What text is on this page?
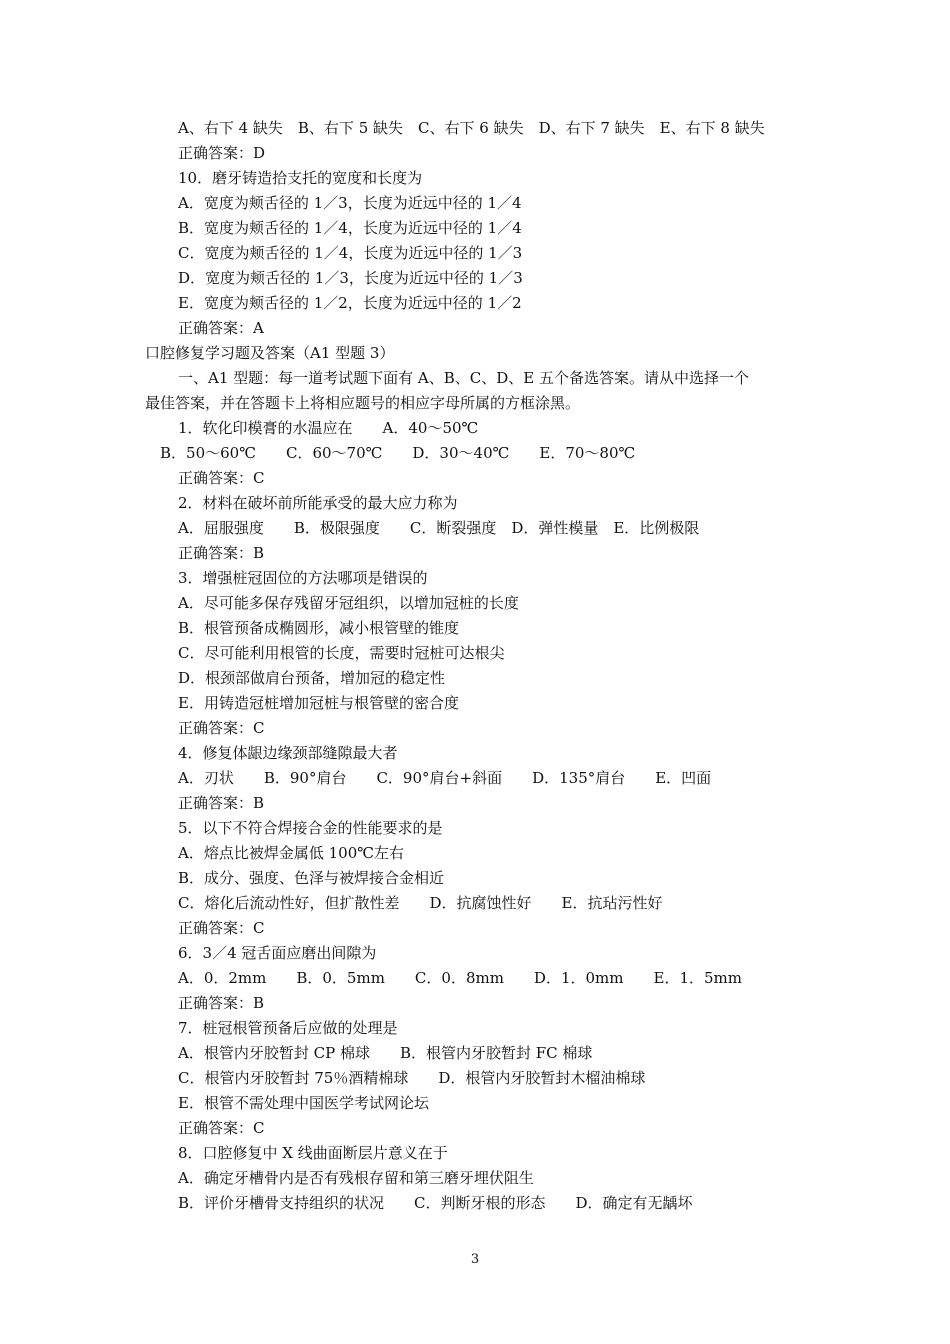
A、右下 4 缺失　B、右下 5 缺失　C、右下 6 缺失　D、右下 7 缺失　E、右下 8 缺失
正确答案：D
10．磨牙铸造拾支托的宽度和长度为
A．宽度为颊舌径的 1／3，长度为近远中径的 1／4
B．宽度为颊舌径的 1／4，长度为近远中径的 1／4
C．宽度为颊舌径的 1／4，长度为近远中径的 1／3
D．宽度为颊舌径的 1／3，长度为近远中径的 1／3
E．宽度为颊舌径的 1／2，长度为近远中径的 1／2
正确答案：A
口腔修复学习题及答案（A1 型题 3）
一、A1 型题：每一道考试题下面有 A、B、C、D、E 五个备选答案。请从中选择一个
最佳答案，并在答题卡上将相应题号的相应字母所属的方框涂黑。
1．软化印模膏的水温应在　　A．40～50℃
B．50～60℃　　C．60～70℃　　D．30～40℃　　E．70～80℃
正确答案：C
2．材料在破坏前所能承受的最大应力称为
A．屈服强度　　B．极限强度　　C．断裂强度　D．弹性模量　E．比例极限
正确答案：B
3．增强桩冠固位的方法哪项是错误的
A．尽可能多保存残留牙冠组织，以增加冠桩的长度
B．根管预备成椭圆形，减小根管壁的锥度
C．尽可能利用根管的长度，需要时冠桩可达根尖
D．根颈部做肩台预备，增加冠的稳定性
E．用铸造冠桩增加冠桩与根管壁的密合度
正确答案：C
4．修复体龈边缘颈部缝隙最大者
A．刃状　　B．90°肩台　　C．90°肩台+斜面　　D．135°肩台　　E．凹面
正确答案：B
5．以下不符合焊接合金的性能要求的是
A．熔点比被焊金属低 100℃左右
B．成分、强度、色泽与被焊接合金相近
C．熔化后流动性好，但扩散性差　　D．抗腐蚀性好　　E．抗玷污性好
正确答案：C
6．3／4 冠舌面应磨出间隙为
A．0．2mm　　B．0．5mm　　C．0．8mm　　D．1．0mm　　E．1．5mm
正确答案：B
7．桩冠根管预备后应做的处理是
A．根管内牙胶暂封 CP 棉球　　B．根管内牙胶暂封 FC 棉球
C．根管内牙胶暂封 75％酒精棉球　　D．根管内牙胶暂封木榴油棉球
E．根管不需处理中国医学考试网论坛
正确答案：C
8．口腔修复中 X 线曲面断层片意义在于
A．确定牙槽骨内是否有残根存留和第三磨牙埋伏阻生
B．评价牙槽骨支持组织的状况　　C．判断牙根的形态　　D．确定有无龋坏
3
